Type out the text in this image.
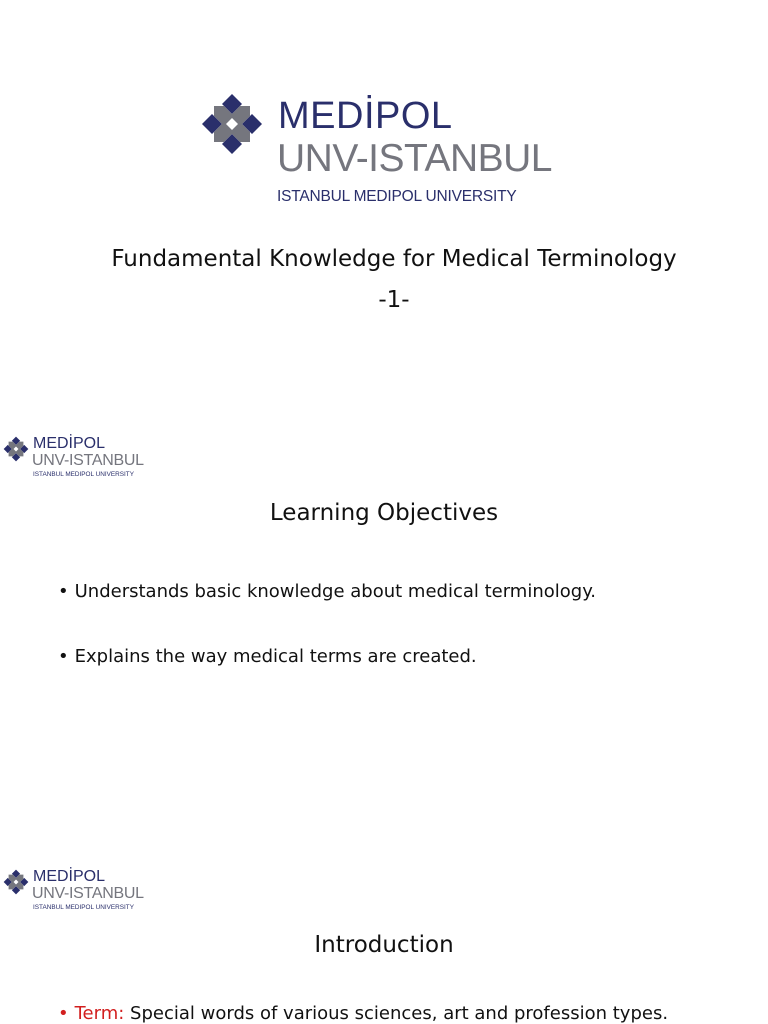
MEDİPOL
UNV-ISTANBUL
ISTANBUL MEDIPOL UNIVERSITY
Fundamental Knowledge for Medical Terminology
-1-
MEDİPOL
UNV-ISTANBUL
ISTANBUL MEDIPOL UNIVERSITY
Learning Objectives
• Understands basic knowledge about medical terminology.
• Explains the way medical terms are created.
MEDİPOL
UNV-ISTANBUL
ISTANBUL MEDIPOL UNIVERSITY
Introduction
• Term: Special words of various sciences, art and profession types.
